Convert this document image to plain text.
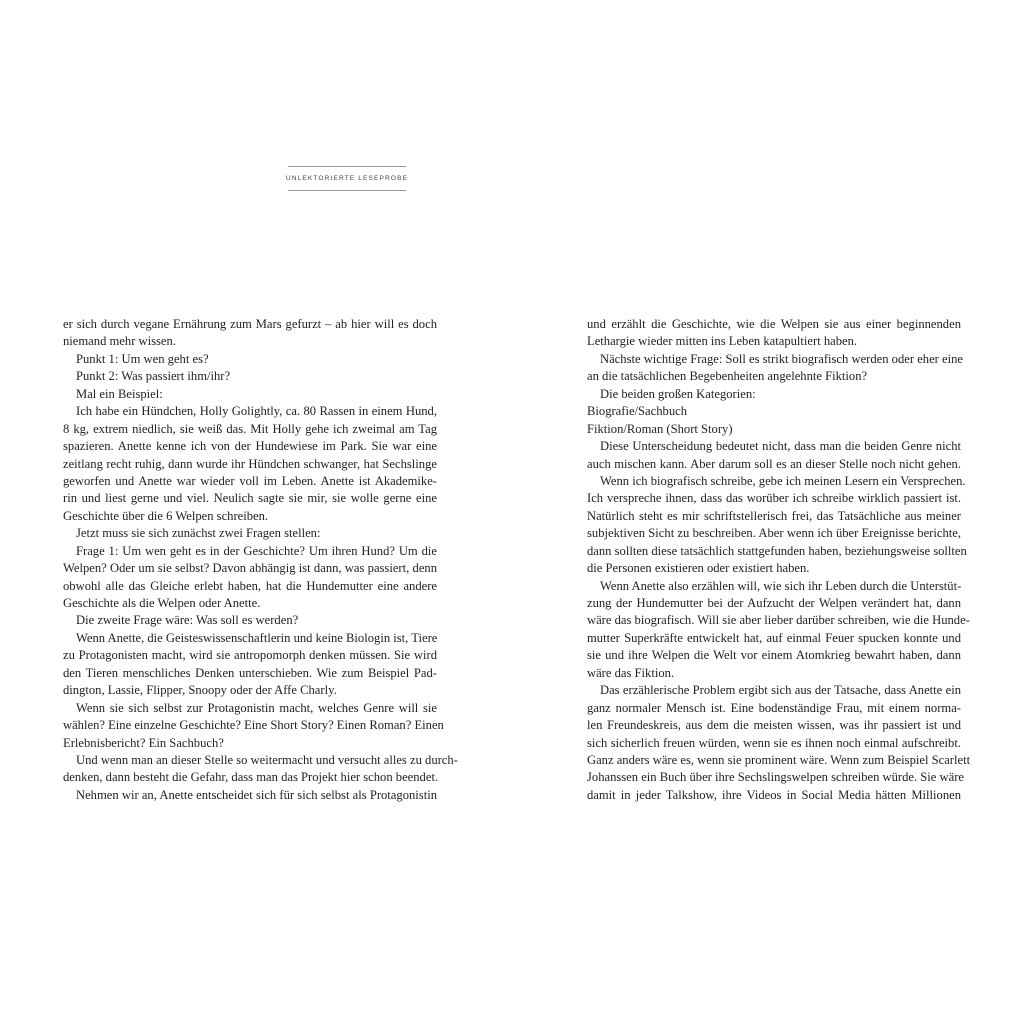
UNLEKTORIERTE LESEPROBE
er sich durch vegane Ernährung zum Mars gefurzt – ab hier will es doch
niemand mehr wissen.
Punkt 1: Um wen geht es?
Punkt 2: Was passiert ihm/ihr?
Mal ein Beispiel:
Ich habe ein Hündchen, Holly Golightly, ca. 80 Rassen in einem Hund,
8 kg, extrem niedlich, sie weiß das. Mit Holly gehe ich zweimal am Tag
spazieren. Anette kenne ich von der Hundewiese im Park. Sie war eine
zeitlang recht ruhig, dann wurde ihr Hündchen schwanger, hat Sechslinge
geworfen und Anette war wieder voll im Leben. Anette ist Akademike-
rin und liest gerne und viel. Neulich sagte sie mir, sie wolle gerne eine
Geschichte über die 6 Welpen schreiben.
Jetzt muss sie sich zunächst zwei Fragen stellen:
Frage 1: Um wen geht es in der Geschichte? Um ihren Hund? Um die
Welpen? Oder um sie selbst? Davon abhängig ist dann, was passiert, denn
obwohl alle das Gleiche erlebt haben, hat die Hundemutter eine andere
Geschichte als die Welpen oder Anette.
Die zweite Frage wäre: Was soll es werden?
Wenn Anette, die Geisteswissenschaftlerin und keine Biologin ist, Tiere
zu Protagonisten macht, wird sie antropomorph denken müssen. Sie wird
den Tieren menschliches Denken unterschieben. Wie zum Beispiel Pad-
dington, Lassie, Flipper, Snoopy oder der Affe Charly.
Wenn sie sich selbst zur Protagonistin macht, welches Genre will sie
wählen? Eine einzelne Geschichte? Eine Short Story? Einen Roman? Einen
Erlebnisbericht? Ein Sachbuch?
Und wenn man an dieser Stelle so weitermacht und versucht alles zu durch-
denken, dann besteht die Gefahr, dass man das Projekt hier schon beendet.
Nehmen wir an, Anette entscheidet sich für sich selbst als Protagonistin
und erzählt die Geschichte, wie die Welpen sie aus einer beginnenden
Lethargie wieder mitten ins Leben katapultiert haben.
Nächste wichtige Frage: Soll es strikt biografisch werden oder eher eine
an die tatsächlichen Begebenheiten angelehnte Fiktion?
Die beiden großen Kategorien:
Biografie/Sachbuch
Fiktion/Roman (Short Story)
Diese Unterscheidung bedeutet nicht, dass man die beiden Genre nicht
auch mischen kann. Aber darum soll es an dieser Stelle noch nicht gehen.
Wenn ich biografisch schreibe, gebe ich meinen Lesern ein Versprechen.
Ich verspreche ihnen, dass das worüber ich schreibe wirklich passiert ist.
Natürlich steht es mir schriftstellerisch frei, das Tatsächliche aus meiner
subjektiven Sicht zu beschreiben. Aber wenn ich über Ereignisse berichte,
dann sollten diese tatsächlich stattgefunden haben, beziehungsweise sollten
die Personen existieren oder existiert haben.
Wenn Anette also erzählen will, wie sich ihr Leben durch die Unterstüt-
zung der Hundemutter bei der Aufzucht der Welpen verändert hat, dann
wäre das biografisch. Will sie aber lieber darüber schreiben, wie die Hunde-
mutter Superkräfte entwickelt hat, auf einmal Feuer spucken konnte und
sie und ihre Welpen die Welt vor einem Atomkrieg bewahrt haben, dann
wäre das Fiktion.
Das erzählerische Problem ergibt sich aus der Tatsache, dass Anette ein
ganz normaler Mensch ist. Eine bodenständige Frau, mit einem norma-
len Freundeskreis, aus dem die meisten wissen, was ihr passiert ist und
sich sicherlich freuen würden, wenn sie es ihnen noch einmal aufschreibt.
Ganz anders wäre es, wenn sie prominent wäre. Wenn zum Beispiel Scarlett
Johanssen ein Buch über ihre Sechslingswelpen schreiben würde. Sie wäre
damit in jeder Talkshow, ihre Videos in Social Media hätten Millionen
